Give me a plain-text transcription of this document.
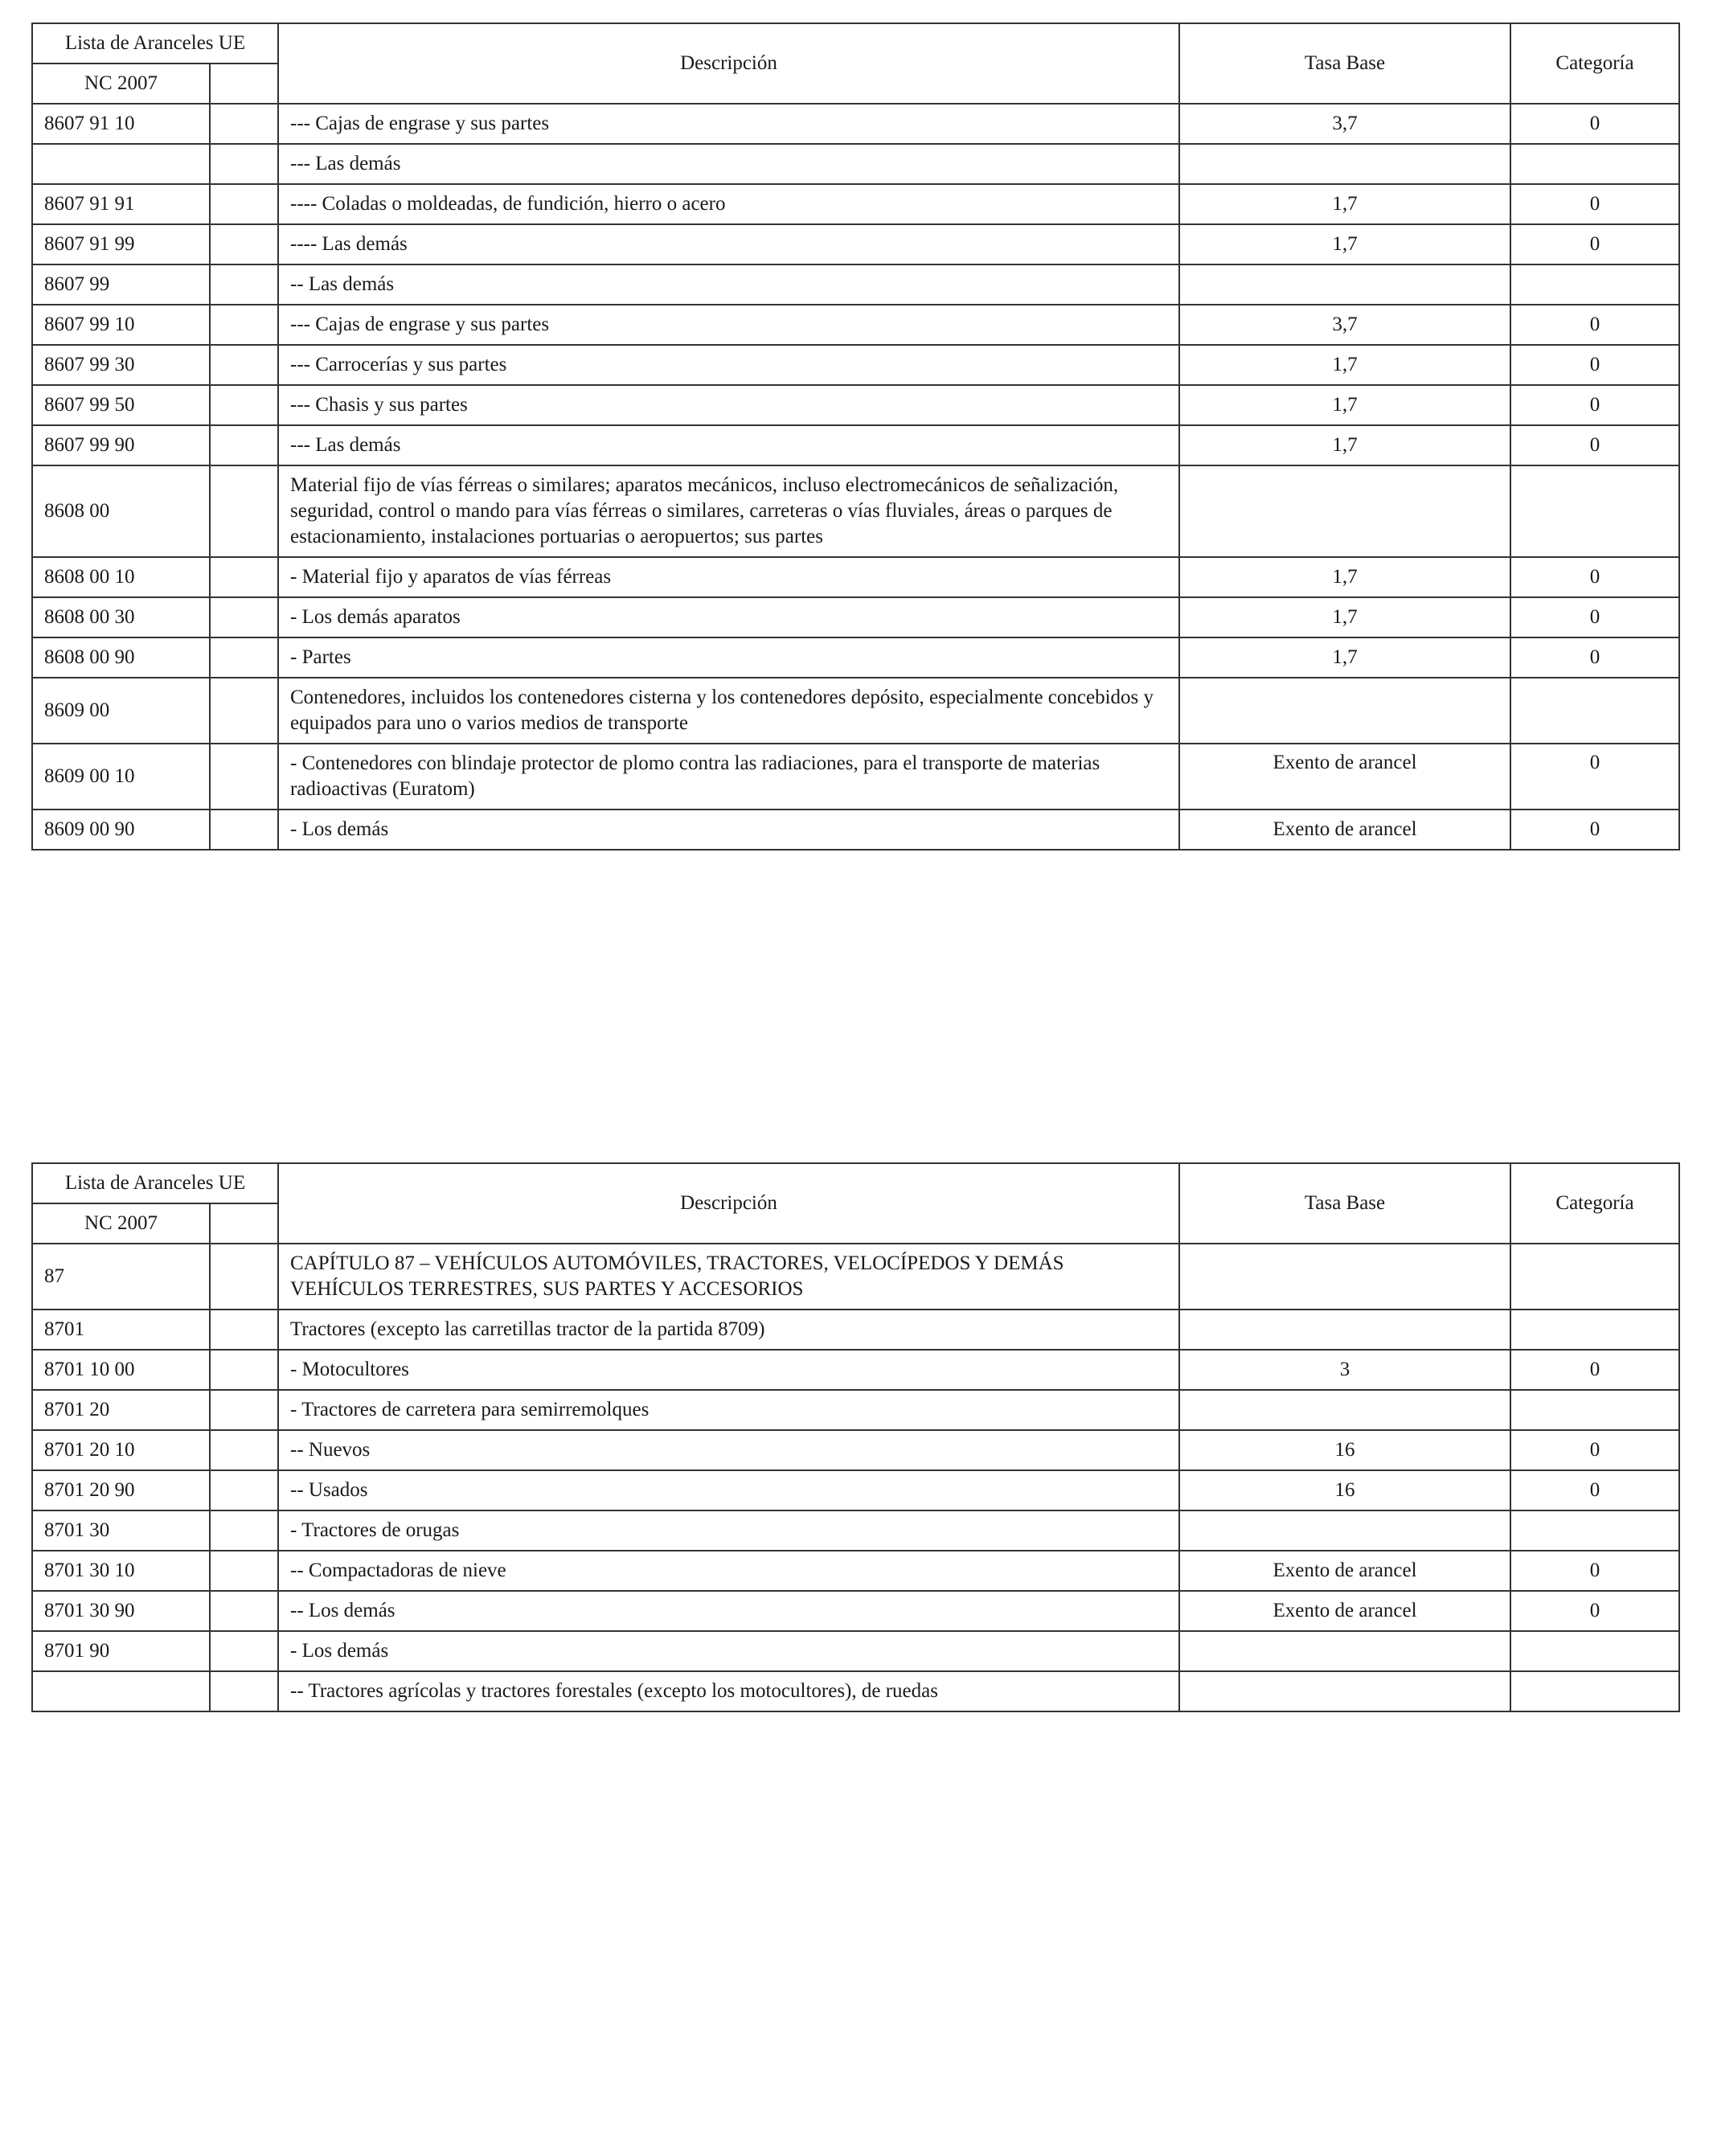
Lista de Aranceles UE		Descripción	Tasa Base	Categoría
NC 2007				
8607 91 10		--- Cajas de engrase y sus partes	3,7	0
		--- Las demás		
8607 91 91		---- Coladas o moldeadas, de fundición, hierro o acero	1,7	0
8607 91 99		---- Las demás	1,7	0
8607 99		-- Las demás		
8607 99 10		--- Cajas de engrase y sus partes	3,7	0
8607 99 30		--- Carrocerías y sus partes	1,7	0
8607 99 50		--- Chasis y sus partes	1,7	0
8607 99 90		--- Las demás	1,7	0
8608 00		Material fijo de vías férreas o similares; aparatos mecánicos, incluso electromecánicos de señalización, seguridad, control o mando para vías férreas o similares, carreteras o vías fluviales, áreas o parques de estacionamiento, instalaciones portuarias o aeropuertos; sus partes		
8608 00 10		- Material fijo y aparatos de vías férreas	1,7	0
8608 00 30		- Los demás aparatos	1,7	0
8608 00 90		- Partes	1,7	0
8609 00		Contenedores, incluidos los contenedores cisterna y los contenedores depósito, especialmente concebidos y equipados para uno o varios medios de transporte		
8609 00 10		- Contenedores con blindaje protector de plomo contra las radiaciones, para el transporte de materias radioactivas (Euratom)	Exento de arancel	0
8609 00 90		- Los demás	Exento de arancel	0
Lista de Aranceles UE		Descripción	Tasa Base	Categoría
NC 2007				
87		CAPÍTULO 87 – VEHÍCULOS AUTOMÓVILES, TRACTORES, VELOCÍPEDOS Y DEMÁS VEHÍCULOS TERRESTRES, SUS PARTES Y ACCESORIOS		
8701		Tractores (excepto las carretillas tractor de la partida 8709)		
8701 10 00		- Motocultores	3	0
8701 20		- Tractores de carretera para semirremolques		
8701 20 10		-- Nuevos	16	0
8701 20 90		-- Usados	16	0
8701 30		- Tractores de orugas		
8701 30 10		-- Compactadoras de nieve	Exento de arancel	0
8701 30 90		-- Los demás	Exento de arancel	0
8701 90		- Los demás		
		-- Tractores agrícolas y tractores forestales (excepto los motocultores), de ruedas		
